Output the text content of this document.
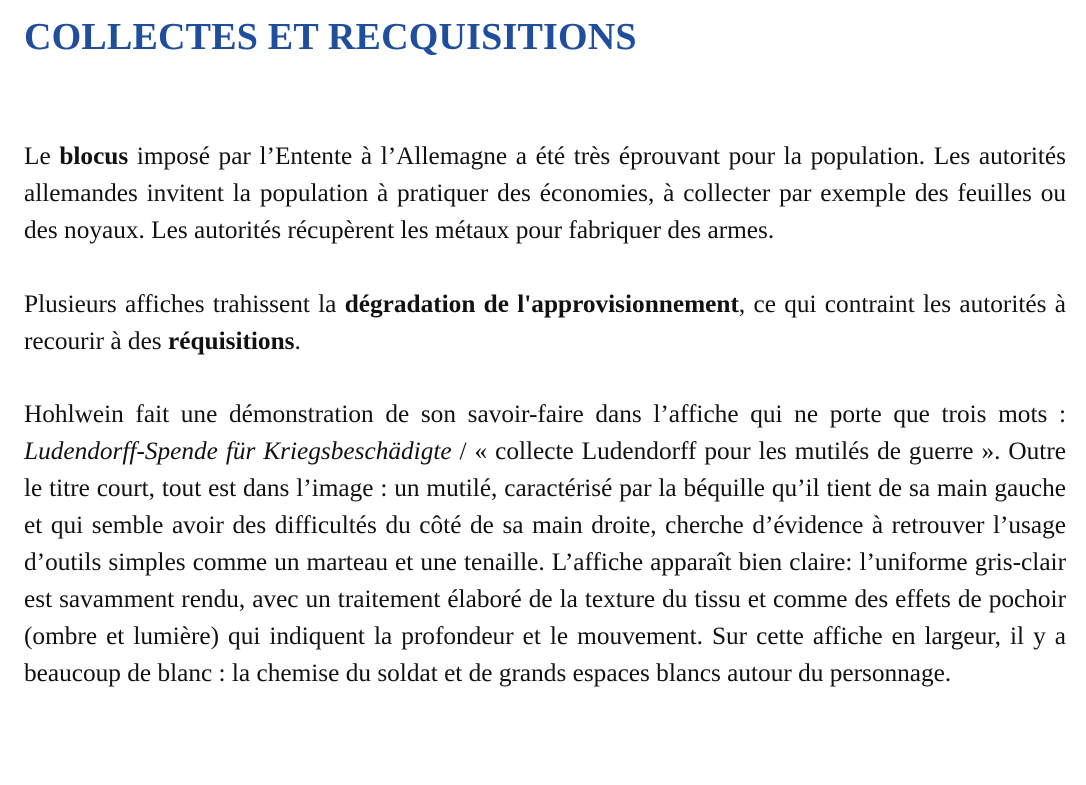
COLLECTES ET RECQUISITIONS

Le blocus imposé par l’Entente à l’Allemagne a été très éprouvant pour la population. Les autorités allemandes invitent la population à pratiquer des économies, à collecter par exemple des feuilles ou des noyaux. Les autorités récupèrent les métaux pour fabriquer des armes.

Plusieurs affiches trahissent la dégradation de l'approvisionnement, ce qui contraint les autorités à recourir à des réquisitions.

Hohlwein fait une démonstration de son savoir-faire dans l’affiche qui ne porte que trois mots : Ludendorff-Spende für Kriegsbeschädigte / « collecte Ludendorff pour les mutilés de guerre ». Outre le titre court, tout est dans l’image : un mutilé, caractérisé par la béquille qu’il tient de sa main gauche et qui semble avoir des difficultés du côté de sa main droite, cherche d’évidence à retrouver l’usage d’outils simples comme un marteau et une tenaille. L’affiche apparaît bien claire: l’uniforme gris-clair est savamment rendu, avec un traitement élaboré de la texture du tissu et comme des effets de pochoir (ombre et lumière) qui indiquent la profondeur et le mouvement. Sur cette affiche en largeur, il y a beaucoup de blanc : la chemise du soldat et de grands espaces blancs autour du personnage.
